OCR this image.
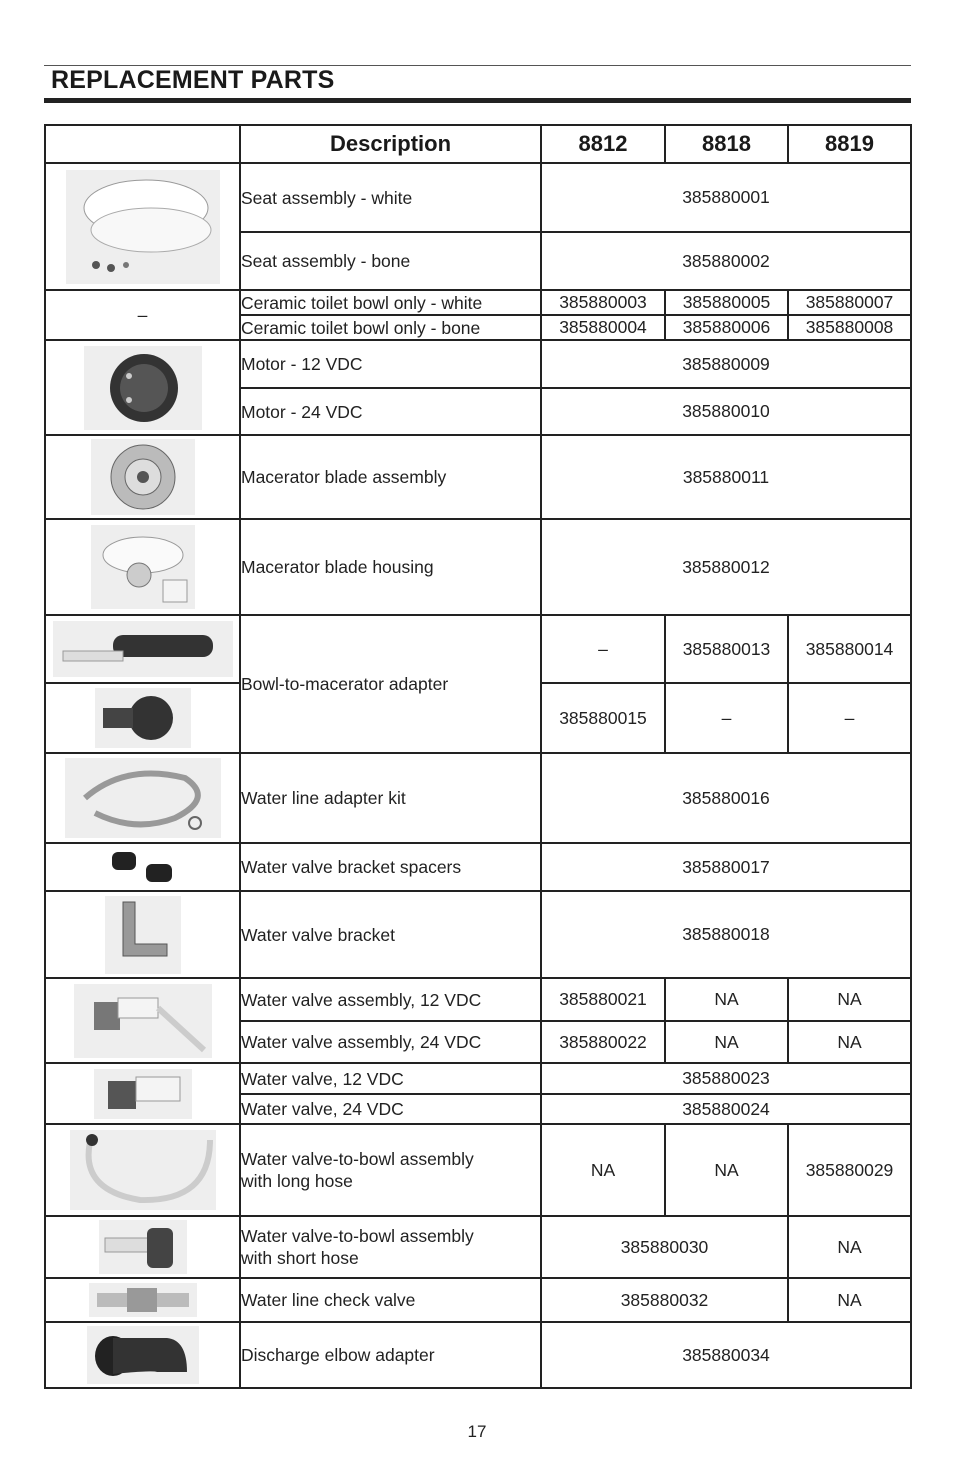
REPLACEMENT PARTS
	Description	8812	8818	8819

	Seat assembly - white	385880001		
	Seat assembly - bone	385880002		
–	Ceramic toilet bowl only - white	385880003	385880005	385880007
	Ceramic toilet bowl only - bone	385880004	385880006	385880008

	Motor - 12 VDC	385880009		
	Motor - 24 VDC	385880010		

	Macerator blade assembly	385880011		

	Macerator blade housing	385880012		

	Bowl-to-macerator adapter	–	385880013	385880014

	385880015	–	–

	Water line adapter kit	385880016		

	Water valve bracket spacers	385880017		

	Water valve bracket	385880018		

	Water valve assembly, 12 VDC	385880021	NA	NA
	Water valve assembly, 24 VDC	385880022	NA	NA

	Water valve, 12 VDC	385880023		
	Water valve, 24 VDC	385880024		

	Water valve-to-bowl assembly
with long hose	NA	NA	385880029

	Water valve-to-bowl assembly
with short hose	385880030		NA

	Water line check valve	385880032		NA

	Discharge elbow adapter	385880034		
17
